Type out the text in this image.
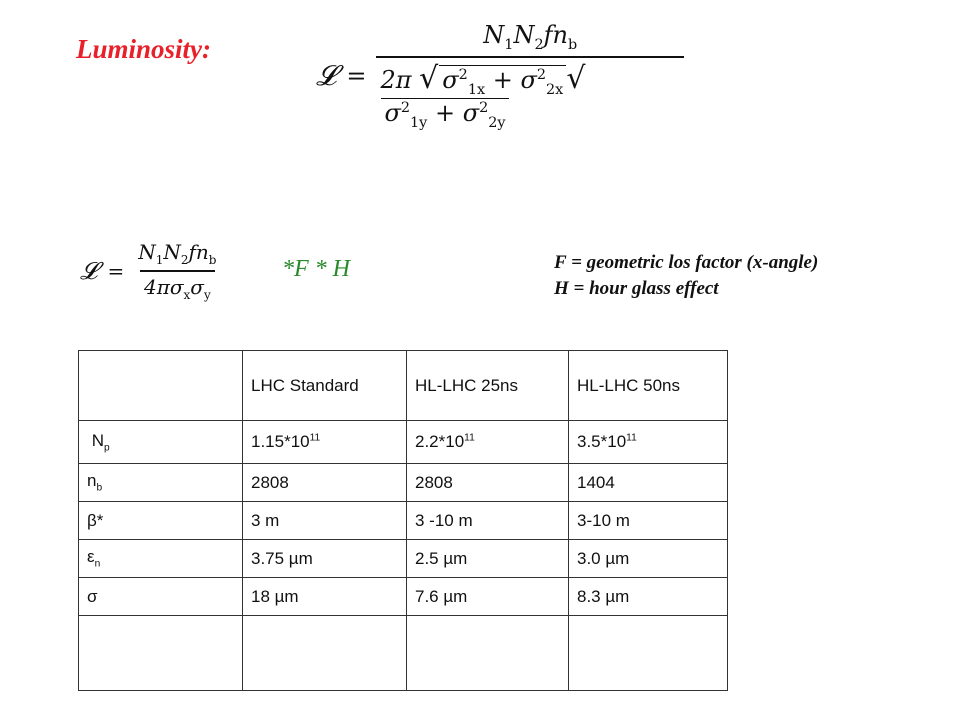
Luminosity:
𝓛 = $\frac{N_1N_2fn_b}{2\pi √ \sigma^2_{1x} + \sigma^2_{2x} √\sigma^2_{1y} + \sigma^2_{2y}}$
𝓛 = $\frac{N_1N_2fn_b}{4\pi\sigma_x\sigma_y}$	*F * H	F = geometric los factor (x-angle)
H = hour glass effect
	LHC Standard	HL-LHC 25ns	HL-LHC 50ns
$N_p$	$1.15*10^{11}$	$2.2*10^{11}$	$3.5*10^{11}$
$n_b$	2808	2808	1404
β*	3 m	3 -10 m	3-10 m
$\varepsilon_n$	3.75 µm	2.5 µm	3.0 µm
σ	18 µm	7.6 µm	8.3 µm
